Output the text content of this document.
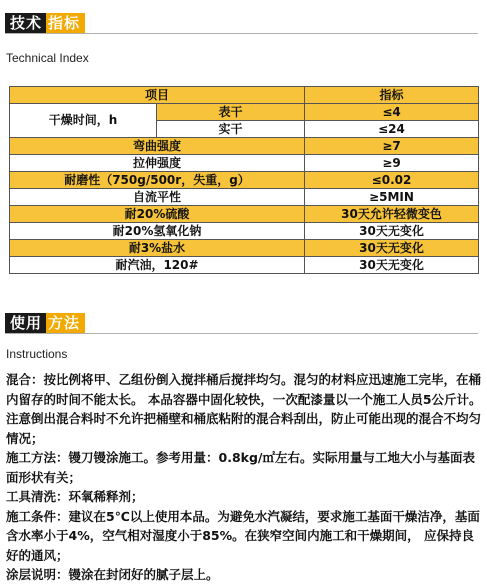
技术 指标
Technical Index
项目		指标
干燥时间，h	表干	≤4
	实干	≤24
弯曲强度		≥7
拉伸强度		≥9
耐磨性（750g/500r，失重，g）		≤0.02
自流平性		≥5MIN
耐20%硫酸		30天允许轻微变色
耐20%氢氧化钠		30天无变化
耐3%盐水		30天无变化
耐汽油，120#		30天无变化
使用 方法
Instructions

混合：按比例将甲、乙组份倒入搅拌桶后搅拌均匀。混匀的材料应迅速施工完毕，在桶内留存的时间不能太长。 本品容器中固化较快，一次配漆量以一个施工人员5公斤计。 注意倒出混合料时不允许把桶壁和桶底粘附的混合料刮出，防止可能出现的混合不均匀情况；

施工方法：镘刀镘涂施工。参考用量：0.8kg/㎡左右。实际用量与工地大小与基面表面形状有关；

工具清洗：环氧稀释剂；

施工条件：建议在5℃以上使用本品。为避免水汽凝结，要求施工基面干燥洁净，基面含水率小于4%，空气相对湿度小于85%。在狭窄空间内施工和干燥期间， 应保持良好的通风；

涂层说明：镘涂在封闭好的腻子层上。
